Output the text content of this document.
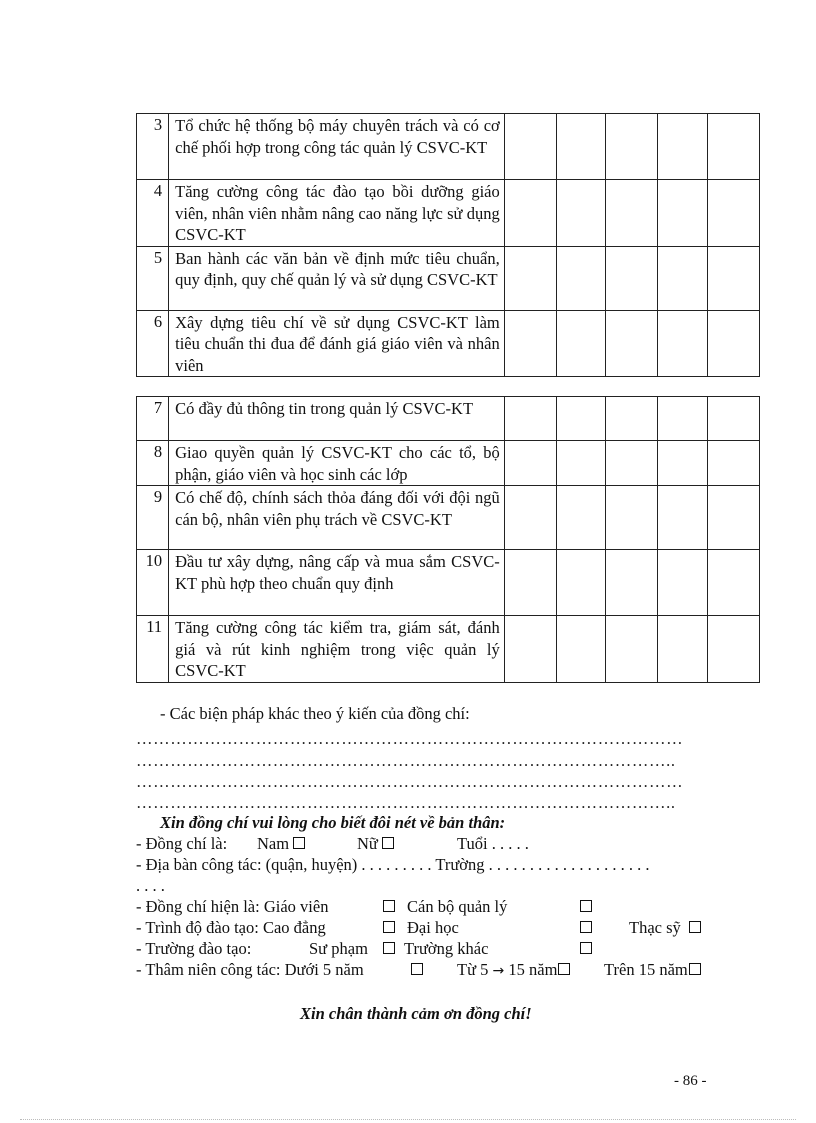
3	Tổ chức hệ thống bộ máy chuyên trách và có cơ chế phối hợp trong công tác quản lý CSVC-KT					
4	Tăng cường công tác đào tạo bồi dưỡng giáo viên, nhân viên nhằm nâng cao năng lực sử dụng CSVC-KT					
5	Ban hành các văn bản về định mức tiêu chuẩn, quy định, quy chế quản lý và sử dụng CSVC-KT					
6	Xây dựng tiêu chí về sử dụng CSVC-KT làm tiêu chuẩn thi đua để đánh giá giáo viên và nhân viên					
7	Có đầy đủ thông tin trong quản lý CSVC-KT					
8	Giao quyền quản lý CSVC-KT cho các tổ, bộ phận, giáo viên và học sinh các lớp					
9	Có chế độ, chính sách thỏa đáng đối với đội ngũ cán bộ, nhân viên phụ trách về CSVC-KT					
10	Đầu tư xây dựng, nâng cấp và mua sắm CSVC-KT phù hợp theo chuẩn quy định					
11	Tăng cường công tác kiểm tra, giám sát, đánh giá và rút kinh nghiệm trong việc quản lý CSVC-KT					
- Các biện pháp khác theo ý kiến của đồng chí:
……………………………………………………………………………………
…………………………………………………………………………………..
……………………………………………………………………………………
…………………………………………………………………………………..
Xin đồng chí vui lòng cho biết đôi nét về bản thân:
- Đồng chí là: Nam	Nữ	Tuổi . . . . .
- Địa bàn công tác: (quận, huyện) . . . . . . . . . Trường . . . . . . . . . . . . . . . . . . . .
. . . .
- Đồng chí hiện là: Giáo viên	Cán bộ quản lý
- Trình độ đào tạo: Cao đẳng	Đại học	Thạc sỹ
- Trường đào tạo:	Sư phạm Trường khác
- Thâm niên công tác: Dưới 5 năm	Từ 5 → 15 năm	Trên 15 năm
Xin chân thành cảm ơn đồng chí!
- 86 -
